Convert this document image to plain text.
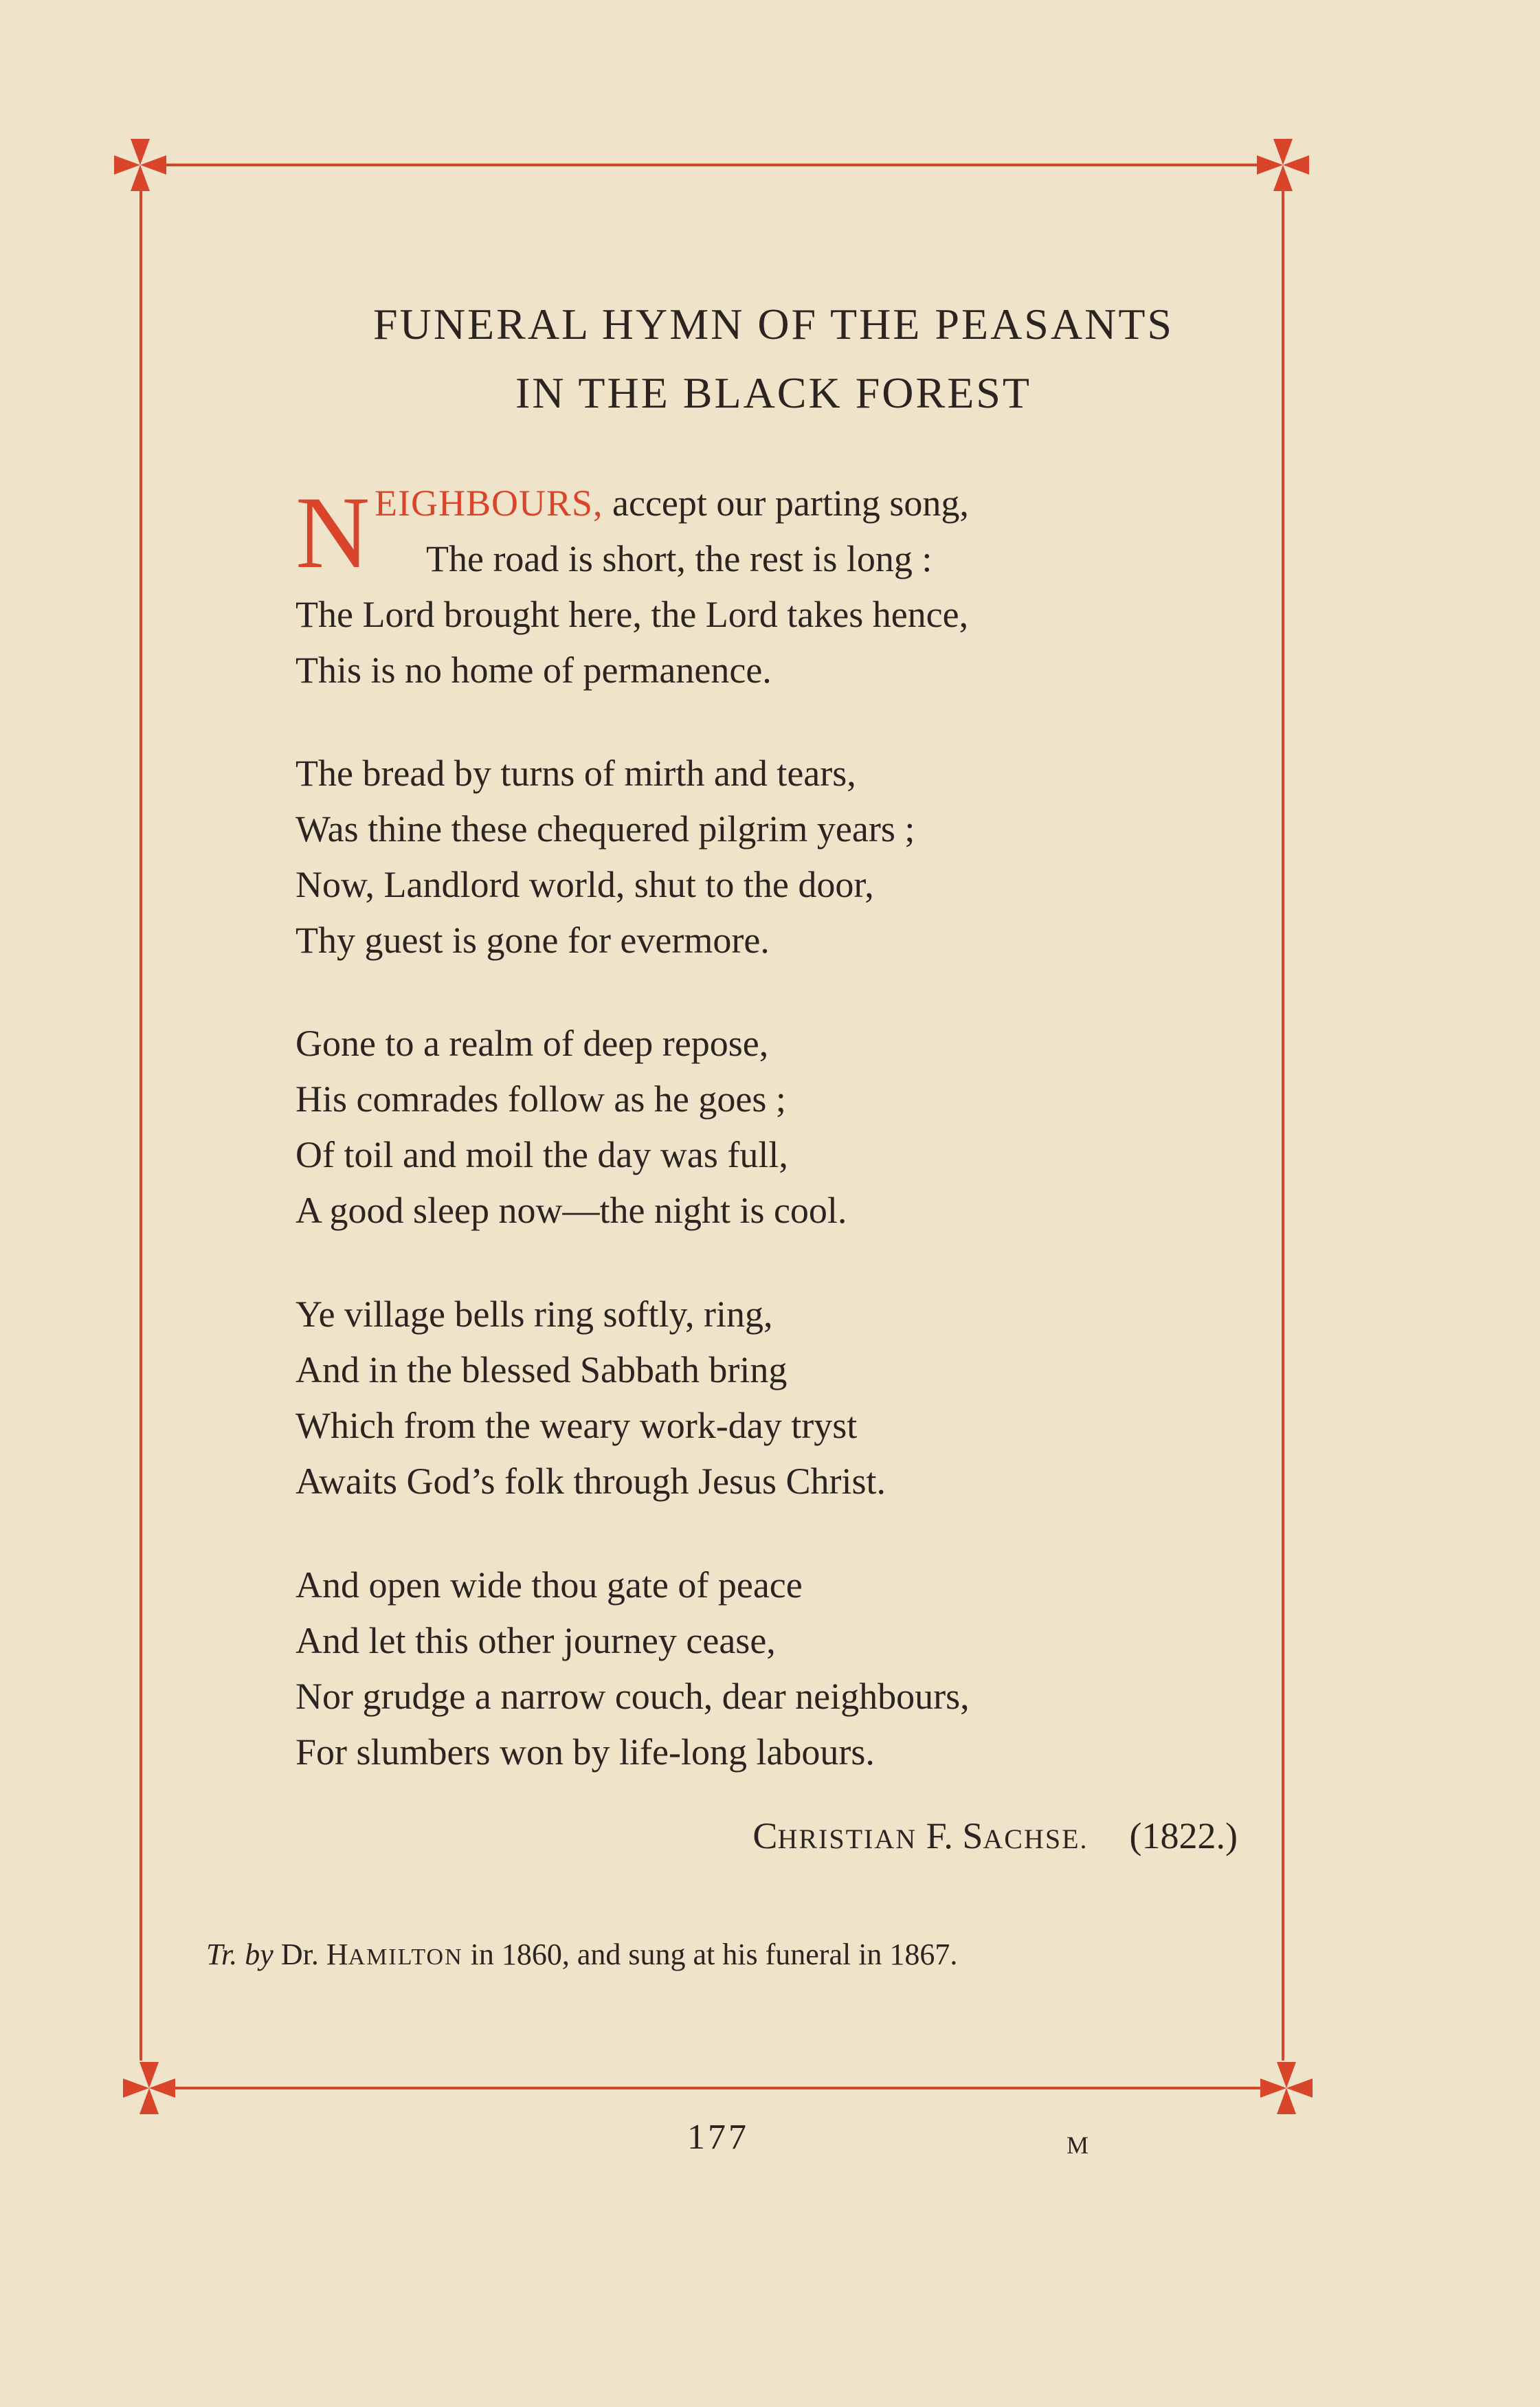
FUNERAL HYMN OF THE PEASANTS
IN THE BLACK FOREST
N EIGHBOURS, accept our parting song,
The road is short, the rest is long :
The Lord brought here, the Lord takes hence,
This is no home of permanence.
The bread by turns of mirth and tears,
Was thine these chequered pilgrim years ;
Now, Landlord world, shut to the door,
Thy guest is gone for evermore.
Gone to a realm of deep repose,
His comrades follow as he goes ;
Of toil and moil the day was full,
A good sleep now—the night is cool.
Ye village bells ring softly, ring,
And in the blessed Sabbath bring
Which from the weary work-day tryst
Awaits God’s folk through Jesus Christ.
And open wide thou gate of peace
And let this other journey cease,
Nor grudge a narrow couch, dear neighbours,
For slumbers won by life-long labours.
CHRISTIAN F. SACHSE. (1822.)
Tr. by Dr. HAMILTON in 1860, and sung at his funeral in 1867.
177	M
